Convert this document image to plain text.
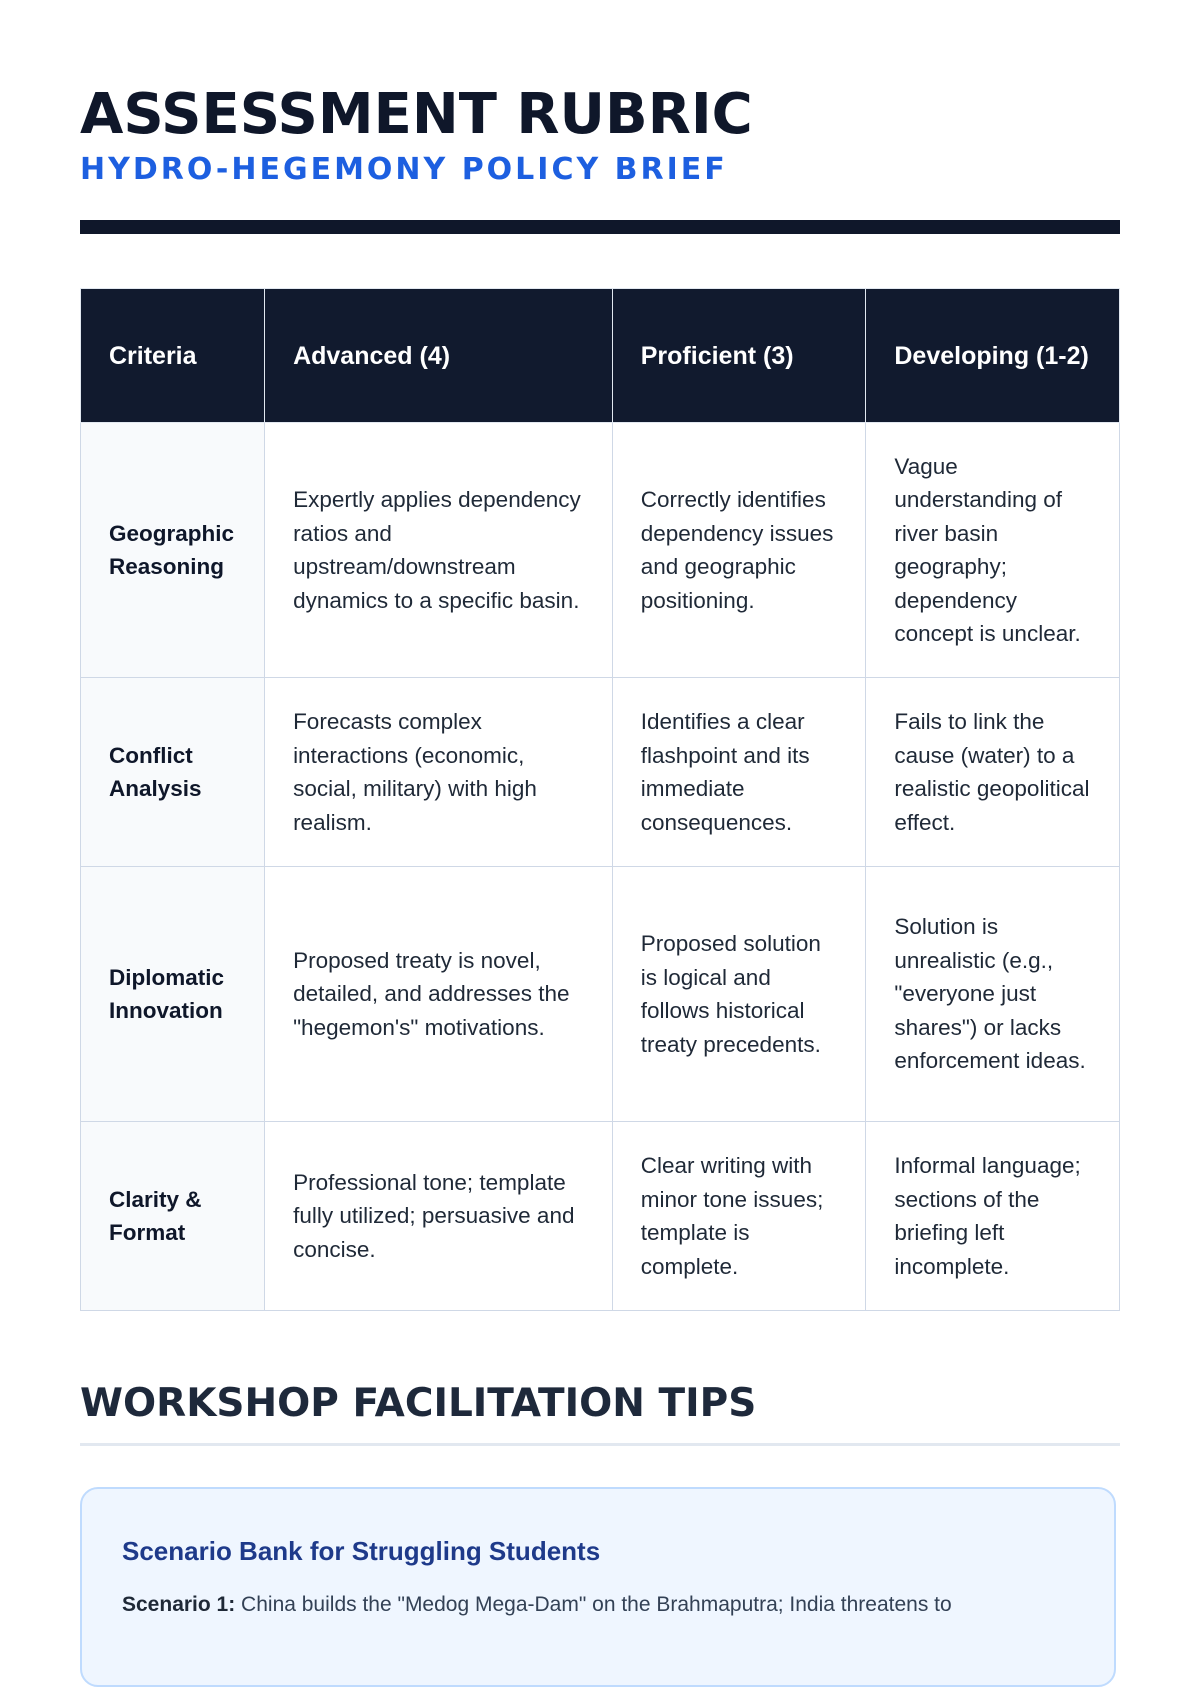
ASSESSMENT RUBRIC
HYDRO-HEGEMONY POLICY BRIEF
Criteria	Advanced (4)	Proficient (3)	Developing (1-2)
Geographic Reasoning	Expertly applies dependency ratios and upstream/downstream dynamics to a specific basin.	Correctly identifies dependency issues and geographic positioning.	Vague understanding of river basin geography; dependency concept is unclear.
Conflict Analysis	Forecasts complex interactions (economic, social, military) with high realism.	Identifies a clear flashpoint and its immediate consequences.	Fails to link the cause (water) to a realistic geopolitical effect.
Diplomatic Innovation	Proposed treaty is novel, detailed, and addresses the "hegemon's" motivations.	Proposed solution is logical and follows historical treaty precedents.	Solution is unrealistic (e.g., "everyone just shares") or lacks enforcement ideas.
Clarity & Format	Professional tone; template fully utilized; persuasive and concise.	Clear writing with minor tone issues; template is complete.	Informal language; sections of the briefing left incomplete.
WORKSHOP FACILITATION TIPS
Scenario Bank for Struggling Students

Scenario 1: China builds the "Medog Mega-Dam" on the Brahmaputra; India threatens to
